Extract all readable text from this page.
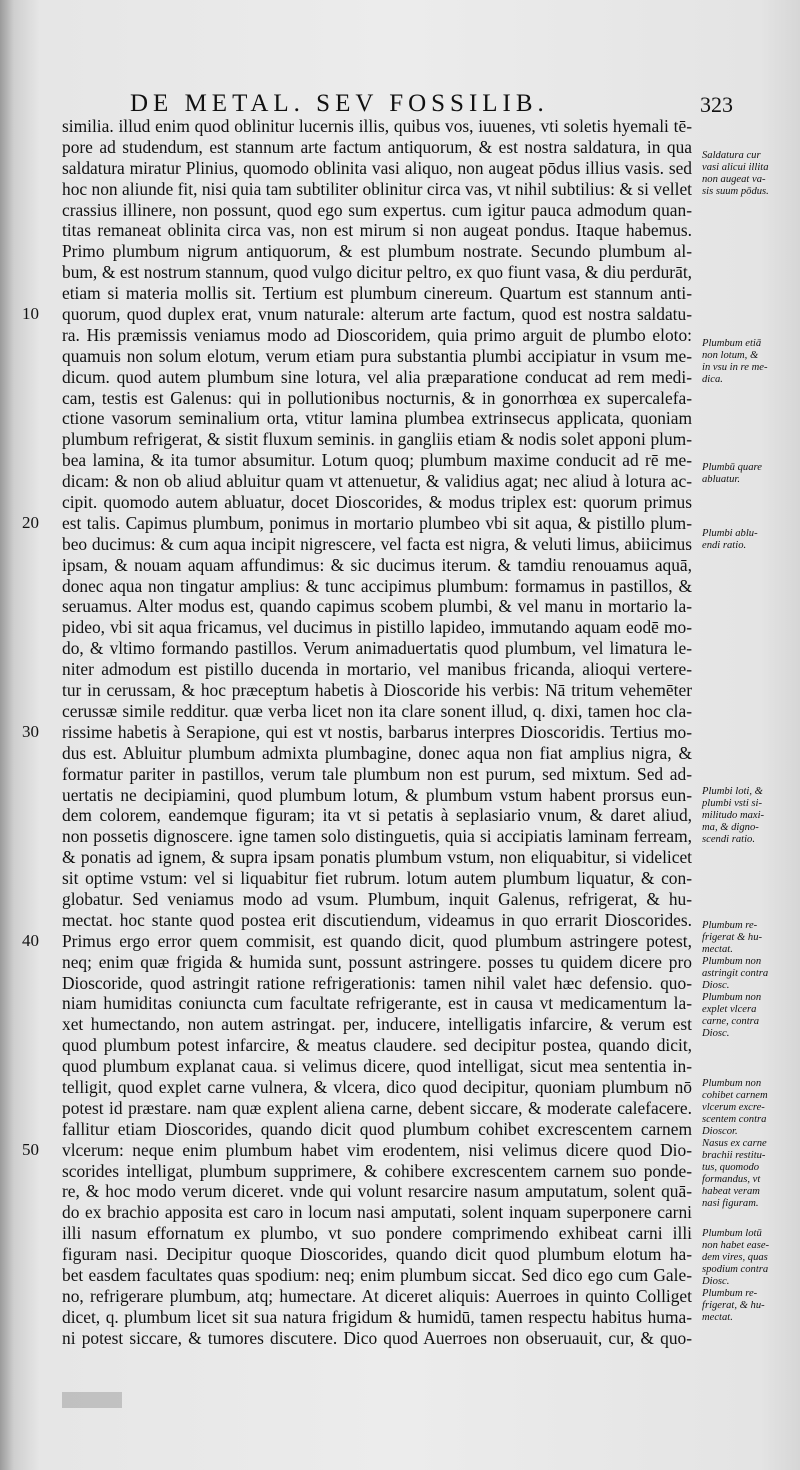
DE METAL. SEV FOSSILIB.	323
similia. illud enim quod oblinitur lucernis illis, quibus vos, iuuenes, vti soletis hyemali tē-
pore ad studendum, est stannum arte factum antiquorum, & est nostra saldatura, in qua
saldatura miratur Plinius, quomodo oblinita vasi aliquo, non augeat pōdus illius vasis. sed
hoc non aliunde fit, nisi quia tam subtiliter oblinitur circa vas, vt nihil subtilius: & si vellet
crassius illinere, non possunt, quod ego sum expertus. cum igitur pauca admodum quan-
titas remaneat oblinita circa vas, non est mirum si non augeat pondus. Itaque habemus.
Primo plumbum nigrum antiquorum, & est plumbum nostrate. Secundo plumbum al-
bum, & est nostrum stannum, quod vulgo dicitur peltro, ex quo fiunt vasa, & diu perdurāt,
etiam si materia mollis sit. Tertium est plumbum cinereum. Quartum est stannum anti-
10	quorum, quod duplex erat, vnum naturale: alterum arte factum, quod est nostra saldatu-
ra. His præmissis veniamus modo ad Dioscoridem, quia primo arguit de plumbo eloto:
quamuis non solum elotum, verum etiam pura substantia plumbi accipiatur in vsum me-
dicum. quod autem plumbum sine lotura, vel alia præparatione conducat ad rem medi-
cam, testis est Galenus: qui in pollutionibus nocturnis, & in gonorrhœa ex supercalefa-
ctione vasorum seminalium orta, vtitur lamina plumbea extrinsecus applicata, quoniam
plumbum refrigerat, & sistit fluxum seminis. in gangliis etiam & nodis solet apponi plum-
bea lamina, & ita tumor absumitur. Lotum quoq; plumbum maxime conducit ad rē me-
dicam: & non ob aliud abluitur quam vt attenuetur, & validius agat; nec aliud à lotura ac-
cipit. quomodo autem abluatur, docet Dioscorides, & modus triplex est: quorum primus
20	est talis. Capimus plumbum, ponimus in mortario plumbeo vbi sit aqua, & pistillo plum-
beo ducimus: & cum aqua incipit nigrescere, vel facta est nigra, & veluti limus, abiicimus
ipsam, & nouam aquam affundimus: & sic ducimus iterum. & tamdiu renouamus aquā,
donec aqua non tingatur amplius: & tunc accipimus plumbum: formamus in pastillos, &
seruamus. Alter modus est, quando capimus scobem plumbi, & vel manu in mortario la-
pideo, vbi sit aqua fricamus, vel ducimus in pistillo lapideo, immutando aquam eodē mo-
do, & vltimo formando pastillos. Verum animaduertatis quod plumbum, vel limatura le-
niter admodum est pistillo ducenda in mortario, vel manibus fricanda, alioqui vertere-
tur in cerussam, & hoc præceptum habetis à Dioscoride his verbis: Nā tritum vehemēter
cerussæ simile redditur. quæ verba licet non ita clare sonent illud, q. dixi, tamen hoc cla-
30	rissime habetis à Serapione, qui est vt nostis, barbarus interpres Dioscoridis. Tertius mo-
dus est. Abluitur plumbum admixta plumbagine, donec aqua non fiat amplius nigra, &
formatur pariter in pastillos, verum tale plumbum non est purum, sed mixtum. Sed ad-
uertatis ne decipiamini, quod plumbum lotum, & plumbum vstum habent prorsus eun-
dem colorem, eandemque figuram; ita vt si petatis à seplasiario vnum, & daret aliud,
non possetis dignoscere. igne tamen solo distinguetis, quia si accipiatis laminam ferream,
& ponatis ad ignem, & supra ipsam ponatis plumbum vstum, non eliquabitur, si videlicet
sit optime vstum: vel si liquabitur fiet rubrum. lotum autem plumbum liquatur, & con-
globatur. Sed veniamus modo ad vsum. Plumbum, inquit Galenus, refrigerat, & hu-
mectat. hoc stante quod postea erit discutiendum, videamus in quo errarit Dioscorides.
40	Primus ergo error quem commisit, est quando dicit, quod plumbum astringere potest,
neq; enim quæ frigida & humida sunt, possunt astringere. posses tu quidem dicere pro
Dioscoride, quod astringit ratione refrigerationis: tamen nihil valet hæc defensio. quo-
niam humiditas coniuncta cum facultate refrigerante, est in causa vt medicamentum la-
xet humectando, non autem astringat. per, inducere, intelligatis infarcire, & verum est
quod plumbum potest infarcire, & meatus claudere. sed decipitur postea, quando dicit,
quod plumbum explanat caua. si velimus dicere, quod intelligat, sicut mea sententia in-
telligit, quod explet carne vulnera, & vlcera, dico quod decipitur, quoniam plumbum nō
potest id præstare. nam quæ explent aliena carne, debent siccare, & moderate calefacere.
fallitur etiam Dioscorides, quando dicit quod plumbum cohibet excrescentem carnem
50	vlcerum: neque enim plumbum habet vim erodentem, nisi velimus dicere quod Dio-
scorides intelligat, plumbum supprimere, & cohibere excrescentem carnem suo ponde-
re, & hoc modo verum diceret. vnde qui volunt resarcire nasum amputatum, solent quā-
do ex brachio apposita est caro in locum nasi amputati, solent inquam superponere carni
illi nasum effornatum ex plumbo, vt suo pondere comprimendo exhibeat carni illi
figuram nasi. Decipitur quoque Dioscorides, quando dicit quod plumbum elotum ha-
bet easdem facultates quas spodium: neq; enim plumbum siccat. Sed dico ego cum Gale-
no, refrigerare plumbum, atq; humectare. At diceret aliquis: Auerroes in quinto Colliget
dicet, q. plumbum licet sit sua natura frigidum & humidū, tamen respectu habitus huma-
ni potest siccare, & tumores discutere. Dico quod Auerroes non obseruauit, cur, & quo-
Saldatura cur
vasi alicui illita
non augeat va-
sis suum pōdus.
Plumbum etiā
non lotum, &
in vsu in re me-
dica.
Plumbū quare
abluatur.
Plumbi ablu-
endi ratio.
Plumbi loti, &
plumbi vsti si-
militudo maxi-
ma, & digno-
scendi ratio.
Plumbum re-
frigerat & hu-
mectat.
Plumbum non
astringit contra
Diosc.
Plumbum non
explet vlcera
carne, contra
Diosc.
Plumbum non
cohibet carnem
vlcerum excre-
scentem contra
Dioscor.
Nasus ex carne
brachii restitu-
tus, quomodo
formandus, vt
habeat veram
nasi figuram.
Plumbum lotū
non habet ease-
dem vires, quas
spodium contra
Diosc.
Plumbum re-
frigerat, & hu-
mectat.
